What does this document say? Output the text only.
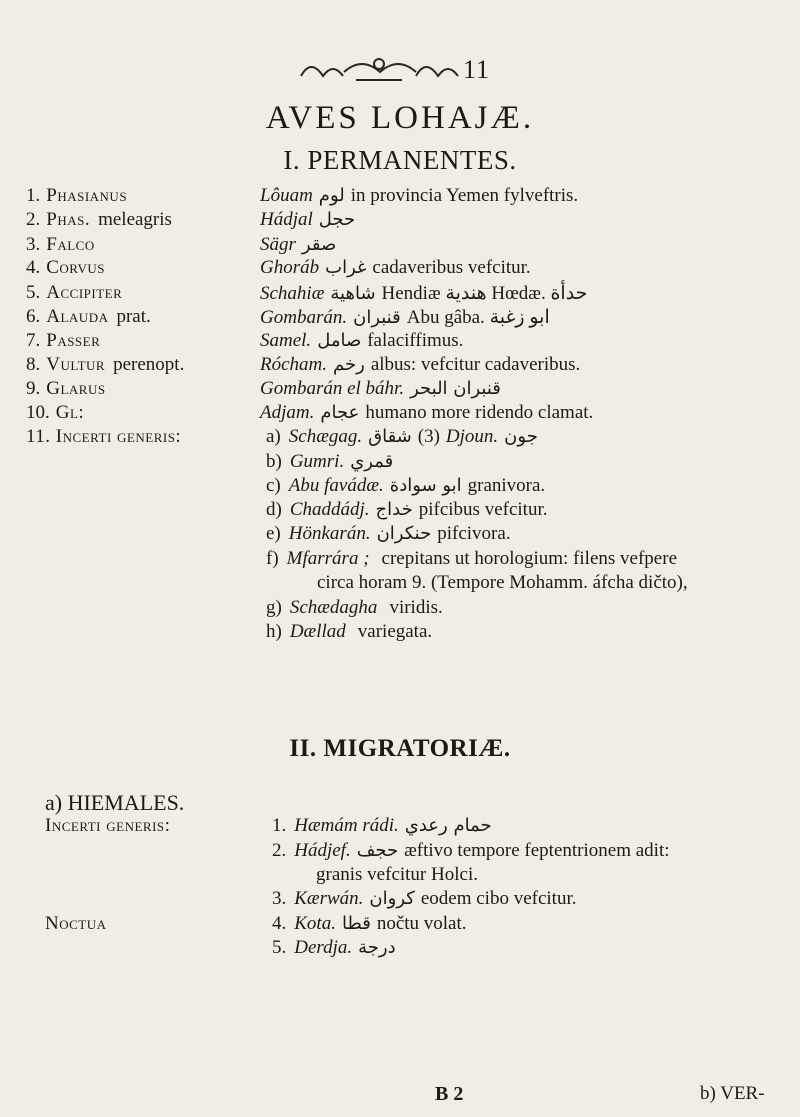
11
AVES LOHAJÆ.
I. PERMANENTES.
1. Phasianus	Lôuam لوم in provincia Yemen fylveftris.
2. Phas. meleagris	Hádjal حجل
3. Falco	Sägr صقر
4. Corvus	Ghoráb غراب cadaveribus vefcitur.
5. Accipiter	Schahiæ شاهية Hendiæ هندية Hœdæ. حدأة
6. Alauda prat.	Gombarán. قنبران Abu gâba. ابو زغبة
7. Passer	Samel. صامل falaciffimus.
8. Vultur perenopt.	Rócham. رخم albus: vefcitur cadaveribus.
9. Glarus	Gombarán el báhr. قنبران البحر
10. Gl:	Adjam. عجام humano more ridendo clamat.
11. Incerti generis:	a) Schægag. شقاق (3) Djoun. جون
b) Gumri. قمري
c) Abu favádæ. ابو سوادة granivora.
d) Chaddádj. خداج pifcibus vefcitur.
e) Hönkarán. حنكران pifcivora.
f) Mfarrára ; crepitans ut horologium: filens vefpere
circa horam 9. (Tempore Mohamm. áfcha dičto),
g) Schædagha viridis.
h) Dællad variegata.
II. MIGRATORIÆ.
a) HIEMALES.
Incerti generis:	1. Hæmám rádi. حمام رعدي
2. Hádjef. حجف æftivo tempore feptentrionem adit:
granis vefcitur Holci.
3. Kærwán. كروان eodem cibo vefcitur.
Noctua	4. Kota. قطا nočtu volat.
5. Derdja. درجة
B 2	b) VER-
